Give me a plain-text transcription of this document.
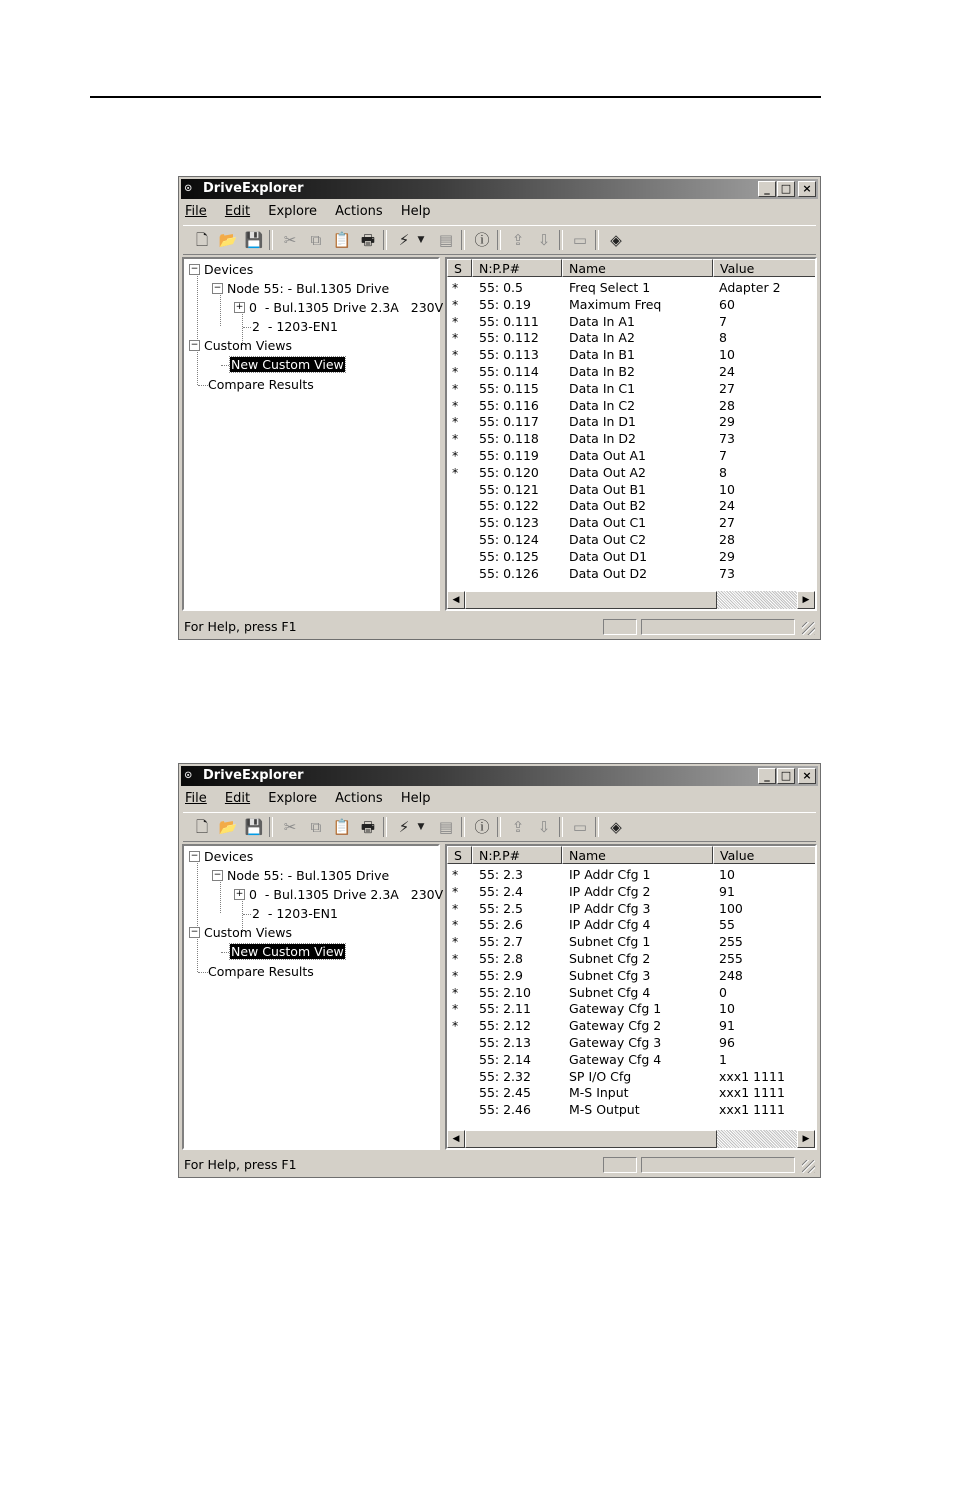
⊙ DriveExplorer	_	□	×
File Edit Explore Actions Help
🗋 📂 💾	✂ ⧉ 📋 🖶	⚡ ▼ ▤ ⓘ	⇪ ⇩	▭	◈
− Devices
− Node 55: - Bul.1305 Drive
+ 0  - Bul.1305 Drive 2.3A   230V
2  - 1203-EN1
− Custom Views
New Custom View
Compare Results
S	N:P.P#	Name	Value
* 55: 0.5	Freq Select 1	Adapter 2
* 55: 0.19	Maximum Freq	60
* 55: 0.111 Data In A1	7
* 55: 0.112 Data In A2	8
* 55: 0.113 Data In B1	10
* 55: 0.114 Data In B2	24
* 55: 0.115 Data In C1	27
* 55: 0.116 Data In C2	28
* 55: 0.117 Data In D1	29
* 55: 0.118 Data In D2	73
* 55: 0.119 Data Out A1	7
* 55: 0.120 Data Out A2	8
55: 0.121 Data Out B1	10
55: 0.122 Data Out B2	24
55: 0.123 Data Out C1	27
55: 0.124 Data Out C2	28
55: 0.125 Data Out D1	29
55: 0.126 Data Out D2	73
◀	▶
For Help, press F1
⊙ DriveExplorer	_	□	×
File Edit Explore Actions Help
🗋 📂 💾	✂ ⧉ 📋 🖶	⚡ ▼ ▤ ⓘ	⇪ ⇩	▭	◈
− Devices
− Node 55: - Bul.1305 Drive
+ 0  - Bul.1305 Drive 2.3A   230V
2  - 1203-EN1
− Custom Views
New Custom View
Compare Results
S	N:P.P#	Name	Value
* 55: 2.3	IP Addr Cfg 1	10
* 55: 2.4	IP Addr Cfg 2	91
* 55: 2.5	IP Addr Cfg 3	100
* 55: 2.6	IP Addr Cfg 4	55
* 55: 2.7	Subnet Cfg 1	255
* 55: 2.8	Subnet Cfg 2	255
* 55: 2.9	Subnet Cfg 3	248
* 55: 2.10	Subnet Cfg 4	0
* 55: 2.11	Gateway Cfg 1	10
* 55: 2.12	Gateway Cfg 2	91
55: 2.13	Gateway Cfg 3	96
55: 2.14	Gateway Cfg 4	1
55: 2.32	SP I/O Cfg	xxx1 1111
55: 2.45	M-S Input	xxx1 1111
55: 2.46	M-S Output	xxx1 1111
◀	▶
For Help, press F1
